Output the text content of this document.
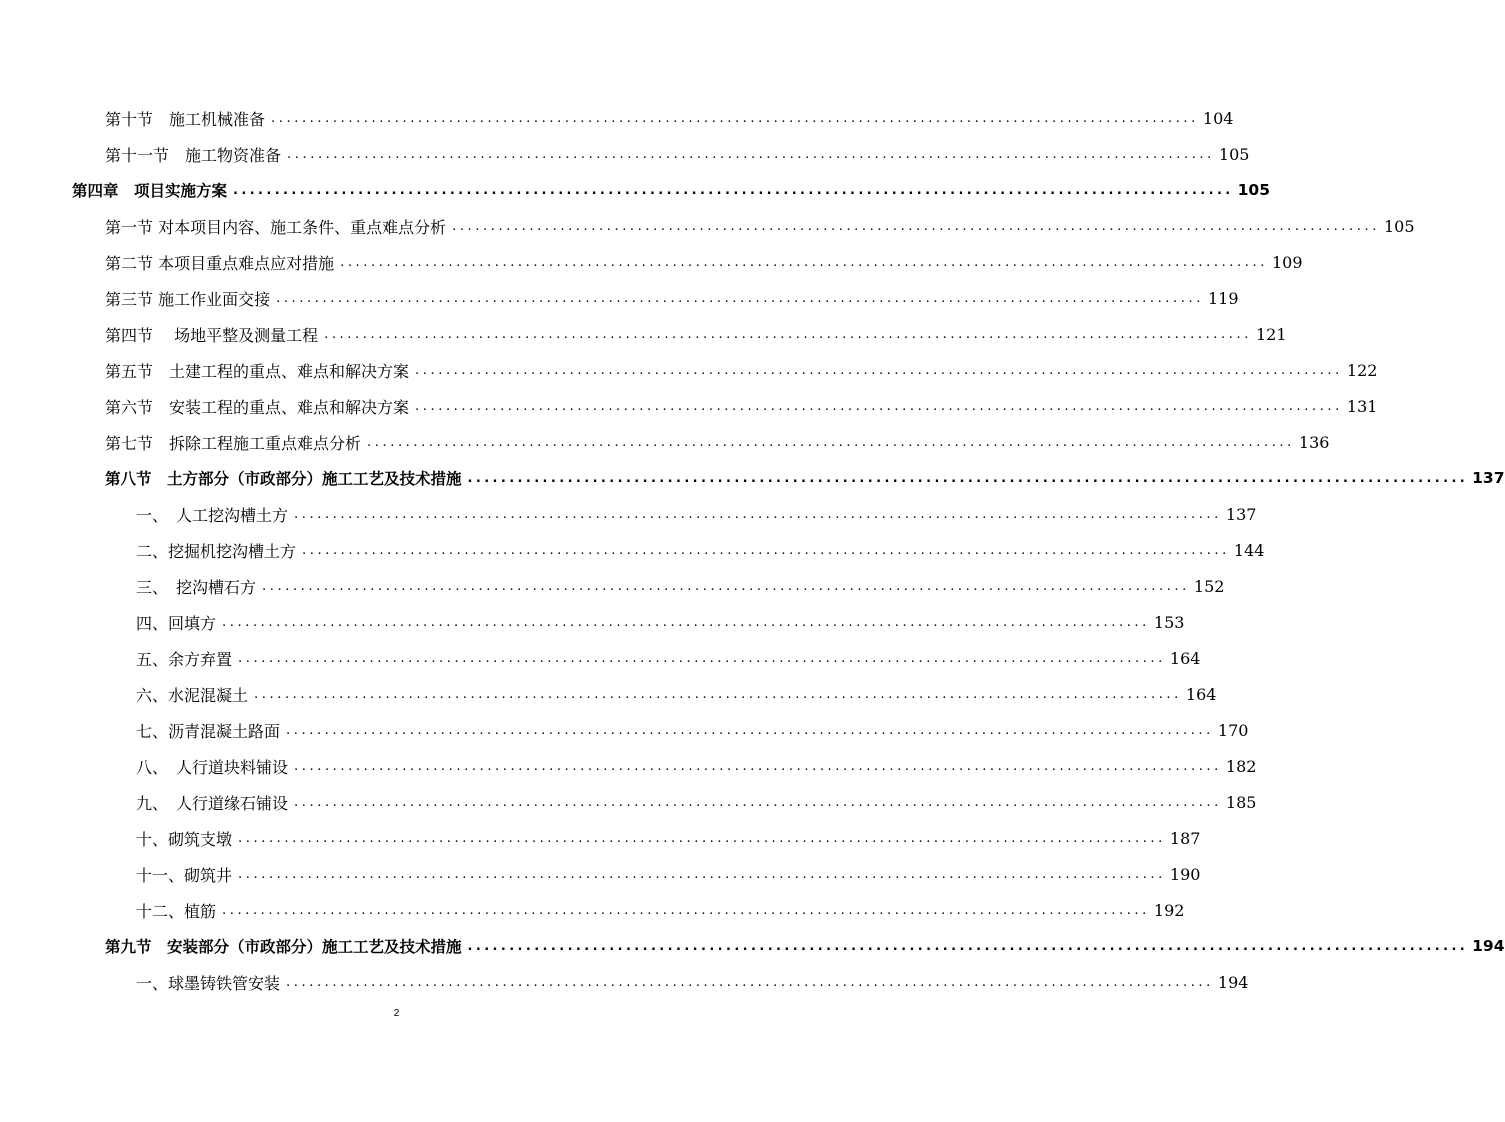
第十节　施工机械准备 ........................................................................................................................ 104
第十一节　施工物资准备 ........................................................................................................................ 105
第四章　项目实施方案 ........................................................................................................................ 105
第一节 对本项目内容、施工条件、重点难点分析 ........................................................................................................................ 105
第二节 本项目重点难点应对措施 ........................................................................................................................ 109
第三节 施工作业面交接 ........................................................................................................................ 119
第四节　 场地平整及测量工程 ........................................................................................................................ 121
第五节　土建工程的重点、难点和解决方案 ........................................................................................................................ 122
第六节　安装工程的重点、难点和解决方案 ........................................................................................................................ 131
第七节　拆除工程施工重点难点分析 ........................................................................................................................ 136
第八节　土方部分（市政部分）施工工艺及技术措施 ........................................................................................................................ 137
一、　人工挖沟槽土方 ........................................................................................................................ 137
二、挖掘机挖沟槽土方 ........................................................................................................................ 144
三、　挖沟槽石方 ........................................................................................................................ 152
四、回填方 ........................................................................................................................ 153
五、余方弃置 ........................................................................................................................ 164
六、水泥混凝土 ........................................................................................................................ 164
七、沥青混凝土路面 ........................................................................................................................ 170
八、　人行道块料铺设 ........................................................................................................................ 182
九、　人行道缘石铺设 ........................................................................................................................ 185
十、砌筑支墩 ........................................................................................................................ 187
十一、砌筑井 ........................................................................................................................ 190
十二、植筋 ........................................................................................................................ 192
第九节　安装部分（市政部分）施工工艺及技术措施 ........................................................................................................................ 194
一、球墨铸铁管安装 ........................................................................................................................ 194
2
